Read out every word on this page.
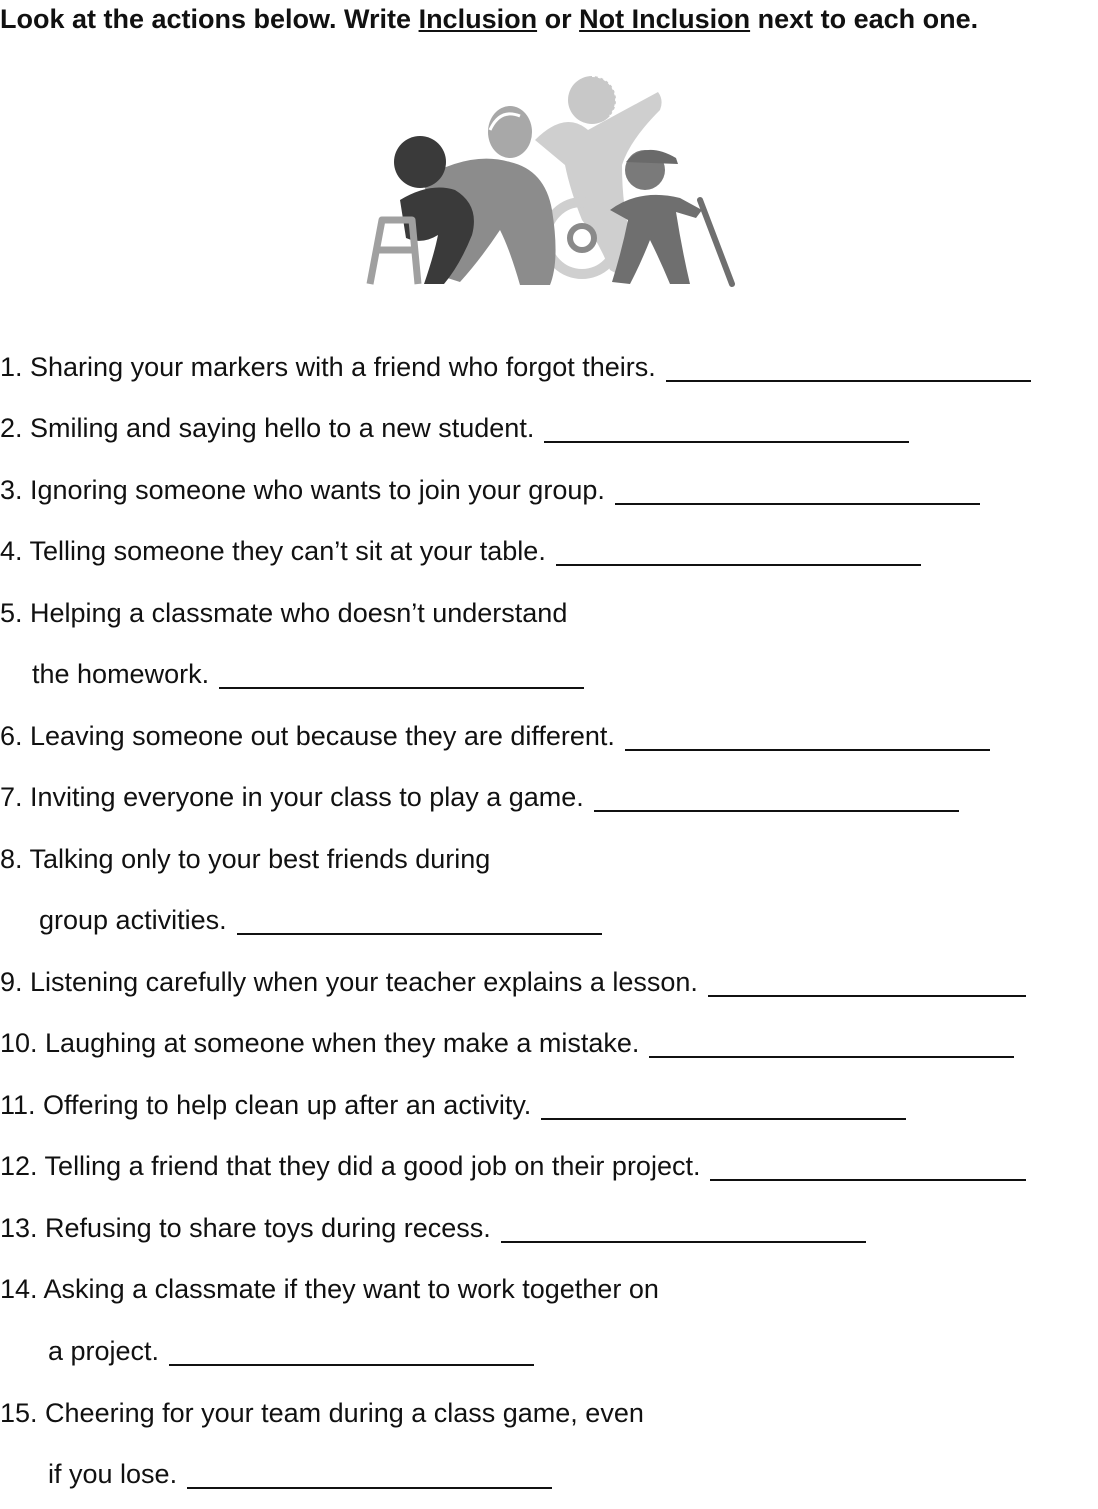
Look at the actions below. Write Inclusion or Not Inclusion next to each one.
1. Sharing your markers with a friend who forgot theirs.
2. Smiling and saying hello to a new student.
3. Ignoring someone who wants to join your group.
4. Telling someone they can’t sit at your table.
5. Helping a classmate who doesn’t understand
the homework.
6. Leaving someone out because they are different.
7. Inviting everyone in your class to play a game.
8. Talking only to your best friends during
group activities.
9. Listening carefully when your teacher explains a lesson.
10. Laughing at someone when they make a mistake.
11. Offering to help clean up after an activity.
12. Telling a friend that they did a good job on their project.
13. Refusing to share toys during recess.
14. Asking a classmate if they want to work together on
a project.
15. Cheering for your team during a class game, even
if you lose.
